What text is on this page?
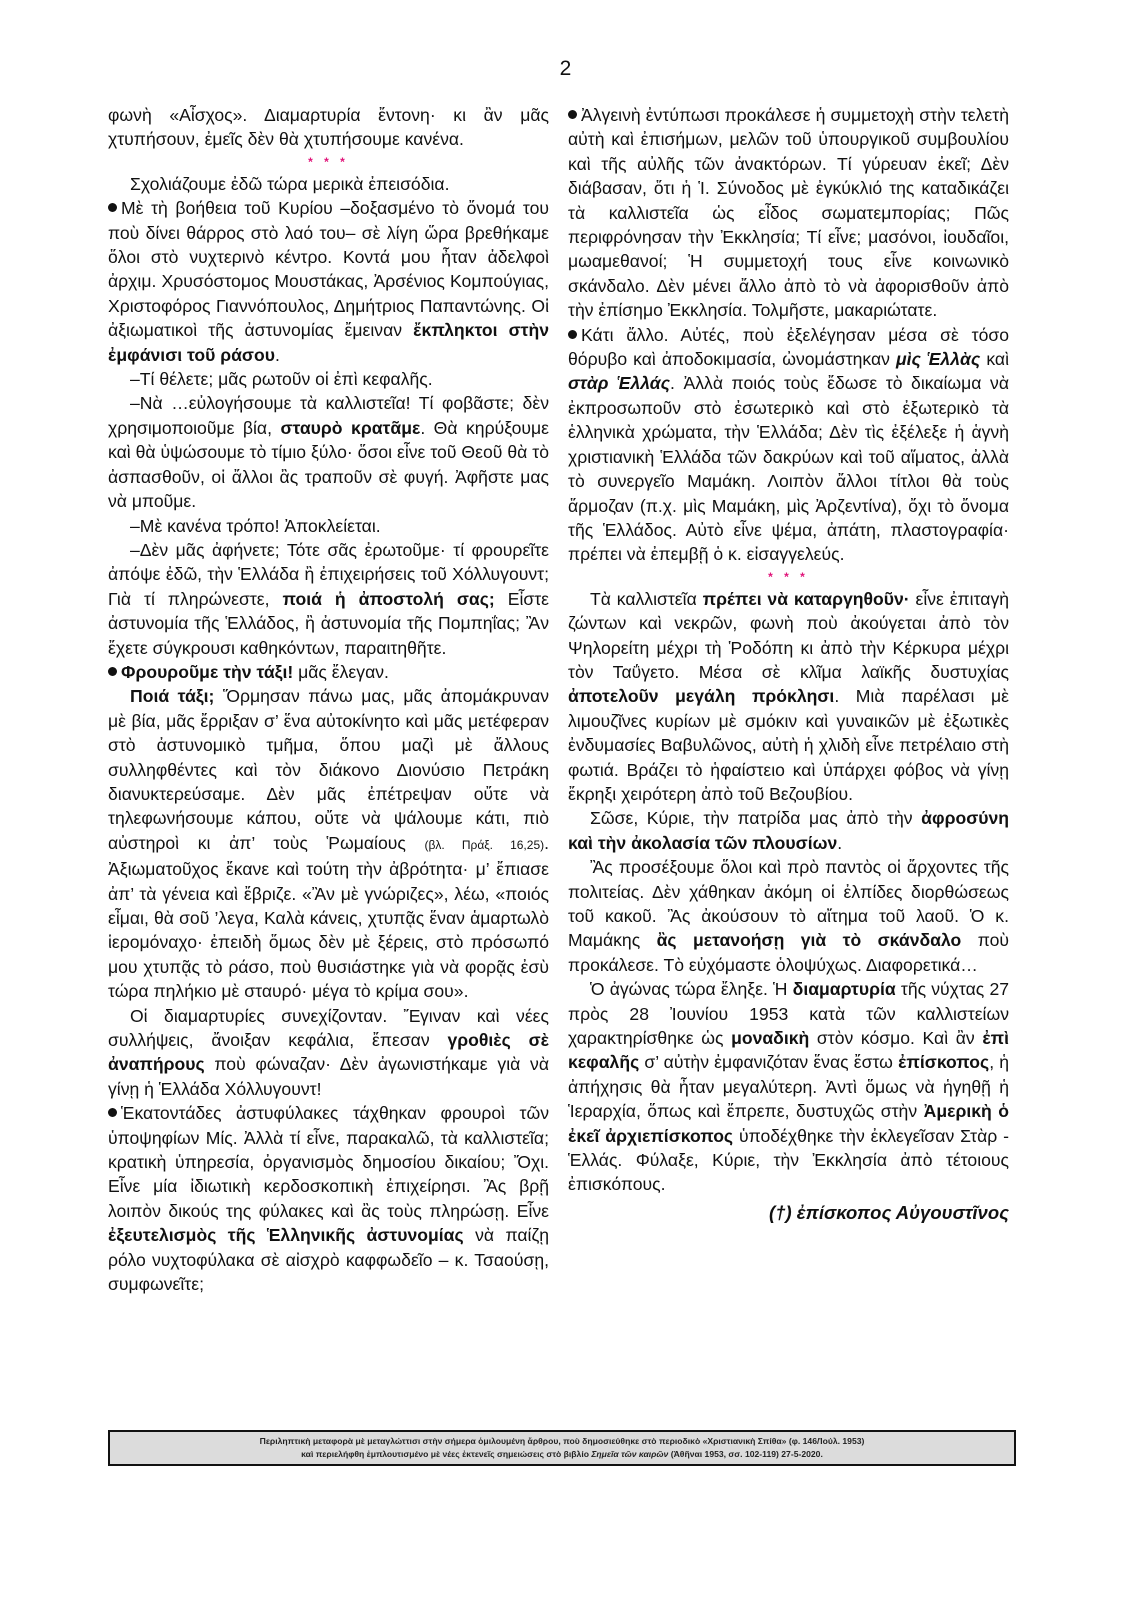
2

φωνὴ «Αἶσχος». Διαμαρτυρία ἔντονη· κι ἂν μᾶς χτυπήσουν, ἐμεῖς δὲν θὰ χτυπήσουμε κανένα.

* * *

Σχολιάζουμε ἐδῶ τώρα μερικὰ ἐπεισόδια.

Μὲ τὴ βοήθεια τοῦ Κυρίου –δοξασμένο τὸ ὄνομά του ποὺ δίνει θάρρος στὸ λαό του– σὲ λίγη ὥρα βρεθήκαμε ὅλοι στὸ νυχτερινὸ κέντρο. Κοντά μου ἦταν ἀδελφοὶ ἀρχιμ. Χρυσόστομος Μουστάκας, Ἀρσένιος Κομπούγιας, Χριστοφόρος Γιαννόπουλος, Δημήτριος Παπαντώνης. Οἱ ἀξιωματικοὶ τῆς ἀστυνομίας ἔμειναν ἔκπληκτοι στὴν ἐμφάνισι τοῦ ράσου.

–Τί θέλετε; μᾶς ρωτοῦν οἱ ἐπὶ κεφαλῆς.

–Νὰ …εὐλογήσουμε τὰ καλλιστεῖα! Τί φοβᾶστε; δὲν χρησιμοποιοῦμε βία, σταυρὸ κρατᾶμε. Θὰ κηρύξουμε καὶ θὰ ὑψώσουμε τὸ τίμιο ξύλο· ὅσοι εἶνε τοῦ Θεοῦ θὰ τὸ ἀσπασθοῦν, οἱ ἄλλοι ἂς τραποῦν σὲ φυγή. Ἀφῆστε μας νὰ μποῦμε.

–Μὲ κανένα τρόπο! Ἀποκλείεται.

–Δὲν μᾶς ἀφήνετε; Τότε σᾶς ἐρωτοῦμε· τί φρουρεῖτε ἀπόψε ἐδῶ, τὴν Ἑλλάδα ἢ ἐπιχειρήσεις τοῦ Χόλλυγουντ; Γιὰ τί πληρώνεστε, ποιά ἡ ἀποστολή σας; Εἶστε ἀστυνομία τῆς Ἑλλάδος, ἢ ἀστυνομία τῆς Πομπηΐας; Ἂν ἔχετε σύγκρουσι καθηκόντων, παραιτηθῆτε.

Φρουροῦμε τὴν τάξι! μᾶς ἔλεγαν.

Ποιά τάξι; Ὅρμησαν πάνω μας, μᾶς ἀπομάκρυναν μὲ βία, μᾶς ἔρριξαν σ’ ἕνα αὐτοκίνητο καὶ μᾶς μετέφεραν στὸ ἀστυνομικὸ τμῆμα, ὅπου μαζὶ μὲ ἄλλους συλληφθέντες καὶ τὸν διάκονο Διονύσιο Πετράκη διανυκτερεύσαμε. Δὲν μᾶς ἐπέτρεψαν οὔτε νὰ τηλεφωνήσουμε κάπου, οὔτε νὰ ψάλουμε κάτι, πιὸ αὐστηροὶ κι ἀπ’ τοὺς Ῥωμαίους (βλ. Πράξ. 16,25). Ἀξιωματοῦχος ἔκανε καὶ τούτη τὴν ἀβρότητα· μ’ ἔπιασε ἀπ’ τὰ γένεια καὶ ἔβριζε. «Ἂν μὲ γνώριζες», λέω, «ποιός εἶμαι, θὰ σοῦ ’λεγα, Καλὰ κάνεις, χτυπᾷς ἕναν ἁμαρτωλὸ ἱερομόναχο· ἐπειδὴ ὅμως δὲν μὲ ξέρεις, στὸ πρόσωπό μου χτυπᾷς τὸ ράσο, ποὺ θυσιάστηκε γιὰ νὰ φορᾷς ἐσὺ τώρα πηλήκιο μὲ σταυρό· μέγα τὸ κρίμα σου».

Οἱ διαμαρτυρίες συνεχίζονταν. Ἔγιναν καὶ νέες συλλήψεις, ἄνοιξαν κεφάλια, ἔπεσαν γροθιὲς σὲ ἀναπήρους ποὺ φώναζαν· Δὲν ἀγωνιστήκαμε γιὰ νὰ γίνῃ ἡ Ἑλλάδα Χόλλυγουντ!

Ἑκατοντάδες ἀστυφύλακες τάχθηκαν φρουροὶ τῶν ὑποψηφίων Μίς. Ἀλλὰ τί εἶνε, παρακαλῶ, τὰ καλλιστεῖα; κρατικὴ ὑπηρεσία, ὀργανισμὸς δημοσίου δικαίου; Ὄχι. Εἶνε μία ἰδιωτικὴ κερδοσκοπικὴ ἐπιχείρησι. Ἂς βρῇ λοιπὸν δικούς της φύλακες καὶ ἂς τοὺς πληρώσῃ. Εἶνε ἐξευτελισμὸς τῆς Ἑλληνικῆς ἀστυνομίας νὰ παίζῃ ρόλο νυχτοφύλακα σὲ αἰσχρὸ καφφωδεῖο – κ. Τσαούσῃ, συμφωνεῖτε;

Ἀλγεινὴ ἐντύπωσι προκάλεσε ἡ συμμετοχὴ στὴν τελετὴ αὐτὴ καὶ ἐπισήμων, μελῶν τοῦ ὑπουργικοῦ συμβουλίου καὶ τῆς αὐλῆς τῶν ἀνακτόρων. Τί γύρευαν ἐκεῖ; Δὲν διάβασαν, ὅτι ἡ Ἱ. Σύνοδος μὲ ἐγκύκλιό της καταδικάζει τὰ καλλιστεῖα ὡς εἶδος σωματεμπορίας; Πῶς περιφρόνησαν τὴν Ἐκκλησία; Τί εἶνε; μασόνοι, ἰουδαῖοι, μωαμεθανοί; Ἡ συμμετοχή τους εἶνε κοινωνικὸ σκάνδαλο. Δὲν μένει ἄλλο ἀπὸ τὸ νὰ ἀφορισθοῦν ἀπὸ τὴν ἐπίσημο Ἐκκλησία. Τολμῆστε, μακαριώτατε.

Κάτι ἄλλο. Αὐτές, ποὺ ἐξελέγησαν μέσα σὲ τόσο θόρυβο καὶ ἀποδοκιμασία, ὠνομάστηκαν μὶς Ἑλλὰς καὶ στὰρ Ἑλλάς. Ἀλλὰ ποιός τοὺς ἔδωσε τὸ δικαίωμα νὰ ἐκπροσωποῦν στὸ ἐσωτερικὸ καὶ στὸ ἐξωτερικὸ τὰ ἑλληνικὰ χρώματα, τὴν Ἑλλάδα; Δὲν τὶς ἐξέλεξε ἡ ἁγνὴ χριστιανικὴ Ἑλλάδα τῶν δακρύων καὶ τοῦ αἵματος, ἀλλὰ τὸ συνεργεῖο Μαμάκη. Λοιπὸν ἄλλοι τίτλοι θὰ τοὺς ἅρμοζαν (π.χ. μὶς Μαμάκη, μὶς Ἀρζεντίνα), ὄχι τὸ ὄνομα τῆς Ἑλλάδος. Αὐτὸ εἶνε ψέμα, ἀπάτη, πλαστογραφία· πρέπει νὰ ἐπεμβῇ ὁ κ. εἰσαγγελεύς.

* * *

Τὰ καλλιστεῖα πρέπει νὰ καταργηθοῦν· εἶνε ἐπιταγὴ ζώντων καὶ νεκρῶν, φωνὴ ποὺ ἀκούγεται ἀπὸ τὸν Ψηλορείτη μέχρι τὴ Ῥοδόπη κι ἀπὸ τὴν Κέρκυρα μέχρι τὸν Ταΰγετο. Μέσα σὲ κλῖμα λαϊκῆς δυστυχίας ἀποτελοῦν μεγάλη πρόκλησι. Μιὰ παρέλασι μὲ λιμουζῖνες κυρίων μὲ σμόκιν καὶ γυναικῶν μὲ ἐξωτικὲς ἐνδυμασίες Βαβυλῶνος, αὐτὴ ἡ χλιδὴ εἶνε πετρέλαιο στὴ φωτιά. Βράζει τὸ ἡφαίστειο καὶ ὑπάρχει φόβος νὰ γίνῃ ἔκρηξι χειρότερη ἀπὸ τοῦ Βεζουβίου.

Σῶσε, Κύριε, τὴν πατρίδα μας ἀπὸ τὴν ἀφροσύνη καὶ τὴν ἀκολασία τῶν πλουσίων.

Ἂς προσέξουμε ὅλοι καὶ πρὸ παντὸς οἱ ἄρχοντες τῆς πολιτείας. Δὲν χάθηκαν ἀκόμη οἱ ἐλπίδες διορθώσεως τοῦ κακοῦ. Ἂς ἀκούσουν τὸ αἴτημα τοῦ λαοῦ. Ὁ κ. Μαμάκης ἂς μετανοήσῃ γιὰ τὸ σκάνδαλο ποὺ προκάλεσε. Τὸ εὐχόμαστε ὁλοψύχως. Διαφορετικά…

Ὁ ἀγώνας τώρα ἔληξε. Ἡ διαμαρτυρία τῆς νύχτας 27 πρὸς 28 Ἰουνίου 1953 κατὰ τῶν καλλιστείων χαρακτηρίσθηκε ὡς μοναδικὴ στὸν κόσμο. Καὶ ἂν ἐπὶ κεφαλῆς σ’ αὐτὴν ἐμφανιζόταν ἕνας ἔστω ἐπίσκοπος, ἡ ἀπήχησις θὰ ἦταν μεγαλύτερη. Ἀντὶ ὅμως νὰ ἡγηθῇ ἡ Ἱεραρχία, ὅπως καὶ ἔπρεπε, δυστυχῶς στὴν Ἀμερικὴ ὁ ἐκεῖ ἀρχιεπίσκοπος ὑποδέχθηκε τὴν ἐκλεγεῖσαν Στὰρ - Ἑλλάς. Φύλαξε, Κύριε, τὴν Ἐκκλησία ἀπὸ τέτοιους ἐπισκόπους.

(†) ἐπίσκοπος Αὐγουστῖνος
Περιληπτικὴ μεταφορὰ μὲ μεταγλώττισι στὴν σήμερα ὁμιλουμένη ἄρθρου, ποὺ δημοσιεύθηκε στὸ περιοδικὸ «Χριστιανικὴ Σπίθα» (φ. 146/Ἰούλ. 1953)
καὶ περιελήφθη ἐμπλουτισμένο μὲ νέες ἐκτενεῖς σημειώσεις στὸ βιβλίο Σημεῖα τῶν καιρῶν (Ἀθῆναι 1953, σσ. 102-119) 27-5-2020.
